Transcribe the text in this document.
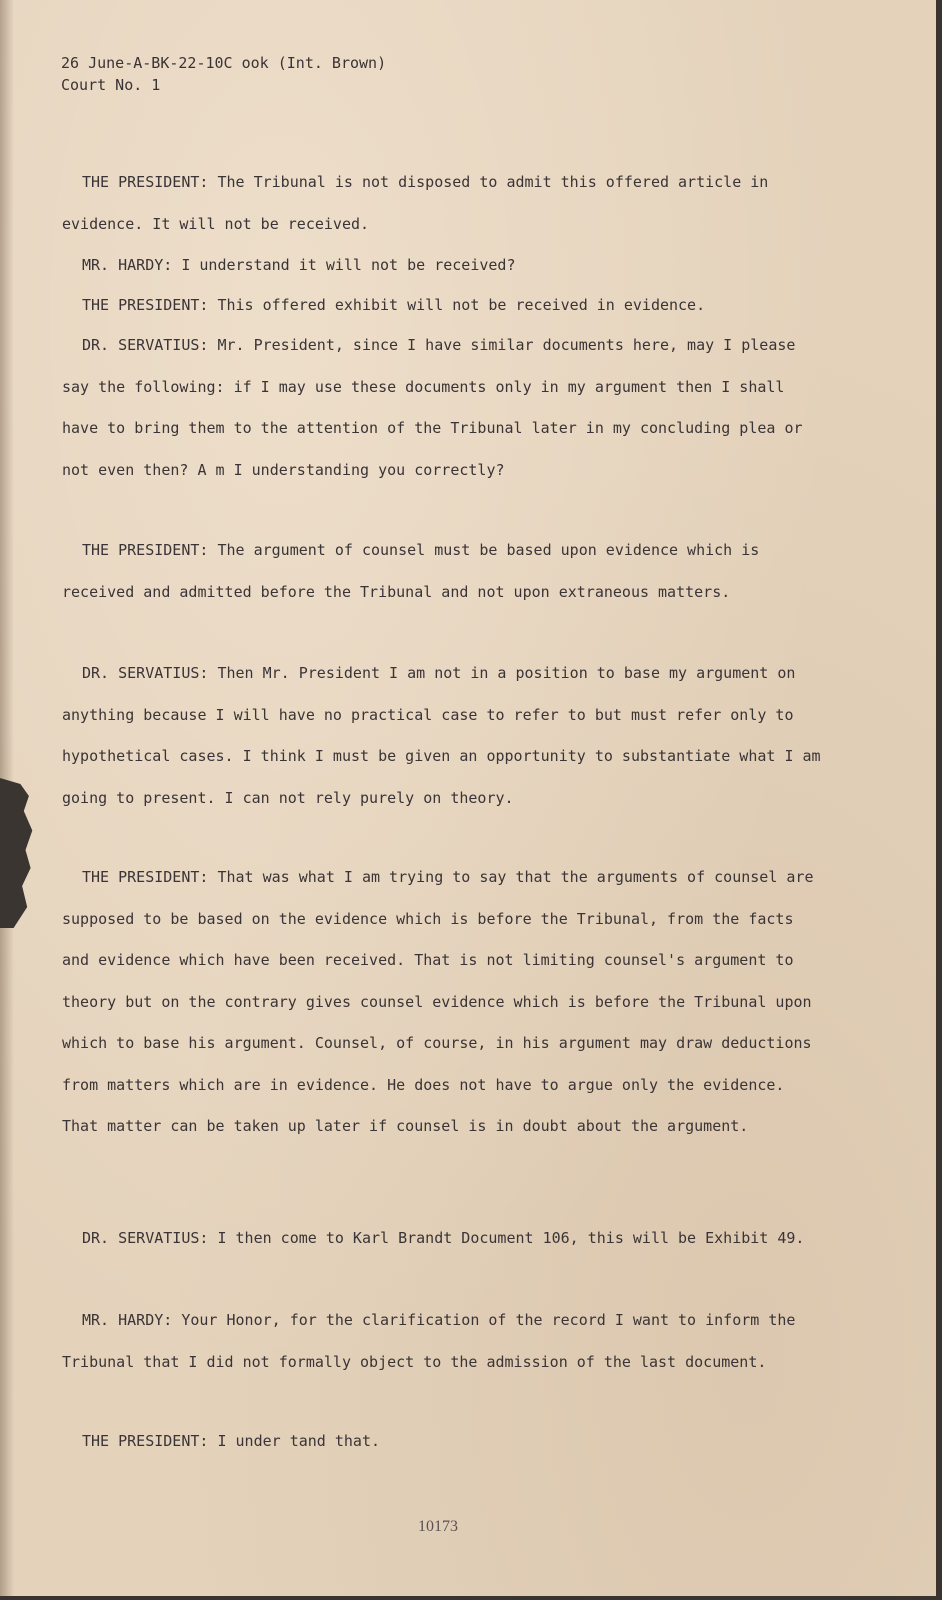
26 June-A-BK-22-10C ook (Int. Brown)
Court No. 1

THE PRESIDENT: The Tribunal is not disposed to admit this offered article in evidence. It will not be received.

MR. HARDY: I understand it will not be received?

THE PRESIDENT: This offered exhibit will not be received in evidence.

DR. SERVATIUS: Mr. President, since I have similar documents here, may I please say the following: if I may use these documents only in my argument then I shall have to bring them to the attention of the Tribunal later in my concluding plea or not even then? A m I understanding you correctly?

THE PRESIDENT: The argument of counsel must be based upon evidence which is received and admitted before the Tribunal and not upon extraneous matters.

DR. SERVATIUS: Then Mr. President I am not in a position to base my argument on anything because I will have no practical case to refer to but must refer only to hypothetical cases. I think I must be given an opportunity to substantiate what I am going to present. I can not rely purely on theory.

THE PRESIDENT: That was what I am trying to say that the arguments of counsel are supposed to be based on the evidence which is before the Tribunal, from the facts and evidence which have been received. That is not limiting counsel's argument to theory but on the contrary gives counsel evidence which is before the Tribunal upon which to base his argument. Counsel, of course, in his argument may draw deductions from matters which are in evidence. He does not have to argue only the evidence. That matter can be taken up later if counsel is in doubt about the argument.

DR. SERVATIUS: I then come to Karl Brandt Document 106, this will be Exhibit 49.

MR. HARDY: Your Honor, for the clarification of the record I want to inform the Tribunal that I did not formally object to the admission of the last document.

THE PRESIDENT: I under tand that.

10173
